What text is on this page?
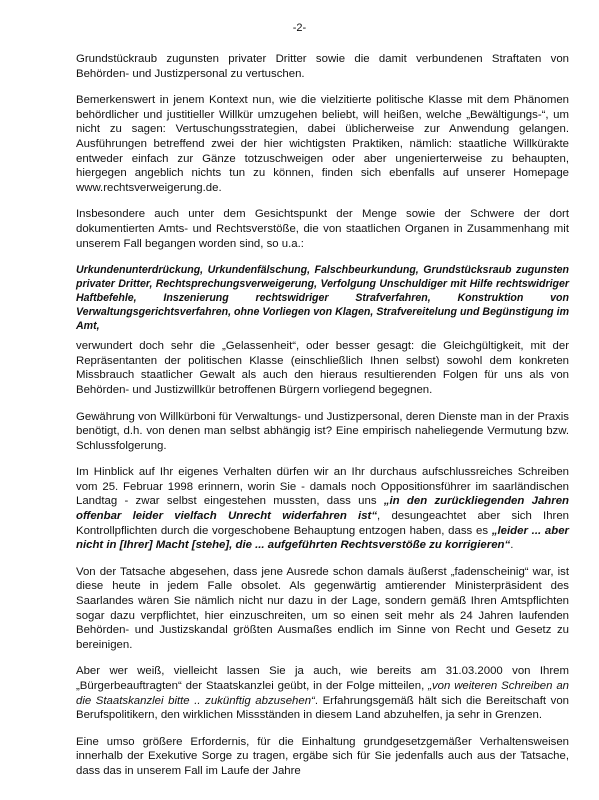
-2-

Grundstückraub zugunsten privater Dritter sowie die damit verbundenen Straftaten von Behörden- und Justizpersonal zu vertuschen.

Bemerkenswert in jenem Kontext nun, wie die vielzitierte politische Klasse mit dem Phänomen behördlicher und justitieller Willkür umzugehen beliebt, will heißen, welche „Bewältigungs-“, um nicht zu sagen: Vertuschungsstrategien, dabei üblicherweise zur Anwendung gelangen. Ausführungen betreffend zwei der hier wichtigsten Praktiken, nämlich: staatliche Willkürakte entweder einfach zur Gänze totzuschweigen oder aber ungenierterweise zu behaupten, hiergegen angeblich nichts tun zu können, finden sich ebenfalls auf unserer Homepage www.rechtsverweigerung.de.

Insbesondere auch unter dem Gesichtspunkt der Menge sowie der Schwere der dort dokumentierten Amts- und Rechtsverstöße, die von staatlichen Organen in Zusammenhang mit unserem Fall begangen worden sind, so u.a.:

Urkundenunterdrückung, Urkundenfälschung, Falschbeurkundung, Grundstücksraub zugunsten privater Dritter, Rechtsprechungsverweigerung, Verfolgung Unschuldiger mit Hilfe rechtswidriger Haftbefehle, Inszenierung rechtswidriger Strafverfahren, Konstruktion von Verwaltungsgerichtsverfahren, ohne Vorliegen von Klagen, Strafvereitelung und Begünstigung im Amt,

verwundert doch sehr die „Gelassenheit“, oder besser gesagt: die Gleichgültigkeit, mit der Repräsentanten der politischen Klasse (einschließlich Ihnen selbst) sowohl dem konkreten Missbrauch staatlicher Gewalt als auch den hieraus resultierenden Folgen für uns als von Behörden- und Justizwillkür betroffenen Bürgern vorliegend begegnen.

Gewährung von Willkürboni für Verwaltungs- und Justizpersonal, deren Dienste man in der Praxis benötigt, d.h. von denen man selbst abhängig ist? Eine empirisch naheliegende Vermutung bzw. Schlussfolgerung.

Im Hinblick auf Ihr eigenes Verhalten dürfen wir an Ihr durchaus aufschlussreiches Schreiben vom 25. Februar 1998 erinnern, worin Sie - damals noch Oppositionsführer im saarländischen Landtag - zwar selbst eingestehen mussten, dass uns „in den zurückliegenden Jahren offenbar leider vielfach Unrecht widerfahren ist“, desungeachtet aber sich Ihren Kontrollpflichten durch die vorgeschobene Behauptung entzogen haben, dass es „leider ... aber nicht in [Ihrer] Macht [stehe], die ... aufgeführten Rechtsverstöße zu korrigieren“.

Von der Tatsache abgesehen, dass jene Ausrede schon damals äußerst „fadenscheinig“ war, ist diese heute in jedem Falle obsolet. Als gegenwärtig amtierender Ministerpräsident des Saarlandes wären Sie nämlich nicht nur dazu in der Lage, sondern gemäß Ihren Amtspflichten sogar dazu verpflichtet, hier einzuschreiten, um so einen seit mehr als 24 Jahren laufenden Behörden- und Justizskandal größten Ausmaßes endlich im Sinne von Recht und Gesetz zu bereinigen.

Aber wer weiß, vielleicht lassen Sie ja auch, wie bereits am 31.03.2000 von Ihrem „Bürgerbeauftragten“ der Staatskanzlei geübt, in der Folge mitteilen, „von weiteren Schreiben an die Staatskanzlei bitte .. zukünftig abzusehen“. Erfahrungsgemäß hält sich die Bereitschaft von Berufspolitikern, den wirklichen Missständen in diesem Land abzuhelfen, ja sehr in Grenzen.

Eine umso größere Erfordernis, für die Einhaltung grundgesetzgemäßer Verhaltensweisen innerhalb der Exekutive Sorge zu tragen, ergäbe sich für Sie jedenfalls auch aus der Tatsache, dass das in unserem Fall im Laufe der Jahre
